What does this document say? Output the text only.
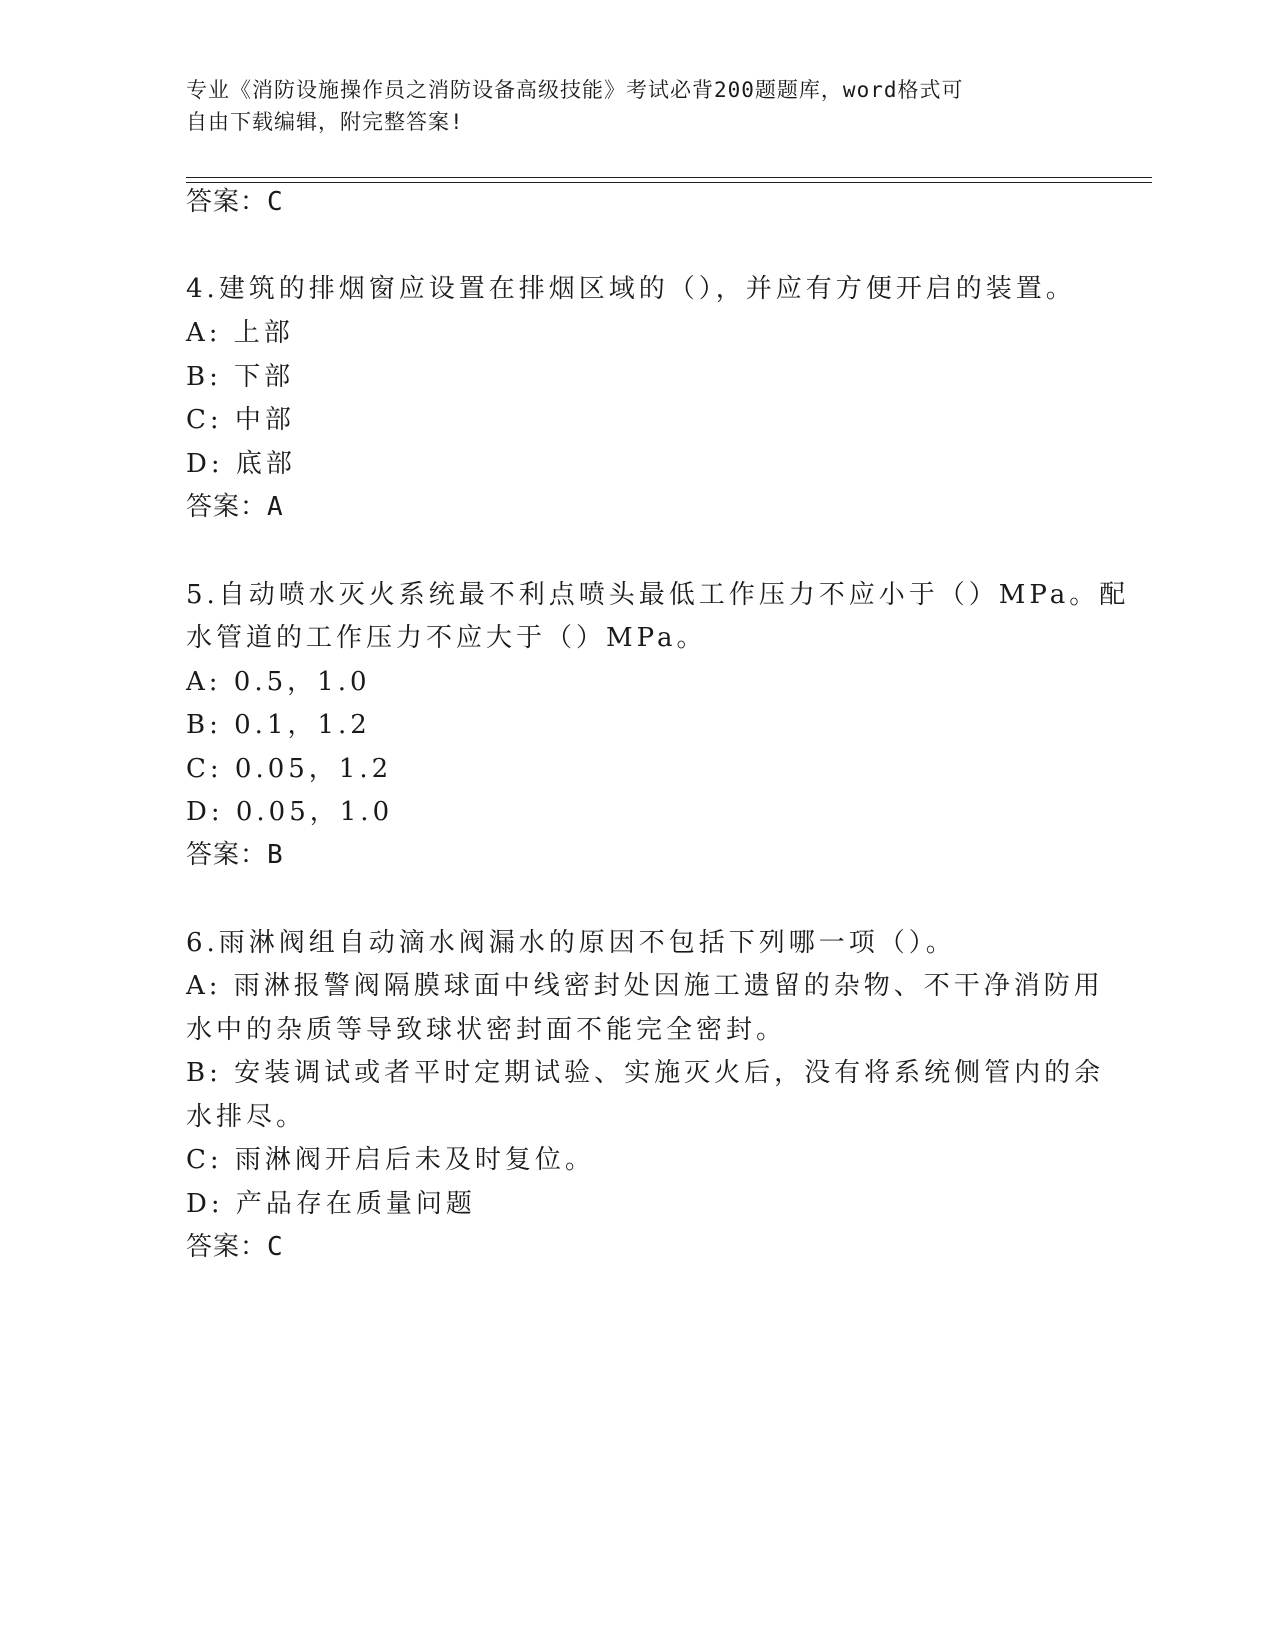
专业《消防设施操作员之消防设备高级技能》考试必背200题题库，word格式可
自由下载编辑，附完整答案!
答案：C
4.建筑的排烟窗应设置在排烟区域的（），并应有方便开启的装置。
A: 上部
B: 下部
C: 中部
D: 底部
答案：A
5.自动喷水灭火系统最不利点喷头最低工作压力不应小于（）MPa。配
水管道的工作压力不应大于（）MPa。
A: 0.5，1.0
B: 0.1，1.2
C: 0.05，1.2
D: 0.05，1.0
答案：B
6.雨淋阀组自动滴水阀漏水的原因不包括下列哪一项（）。
A: 雨淋报警阀隔膜球面中线密封处因施工遗留的杂物、不干净消防用
水中的杂质等导致球状密封面不能完全密封。
B: 安装调试或者平时定期试验、实施灭火后，没有将系统侧管内的余
水排尽。
C: 雨淋阀开启后未及时复位。
D: 产品存在质量问题
答案：C
